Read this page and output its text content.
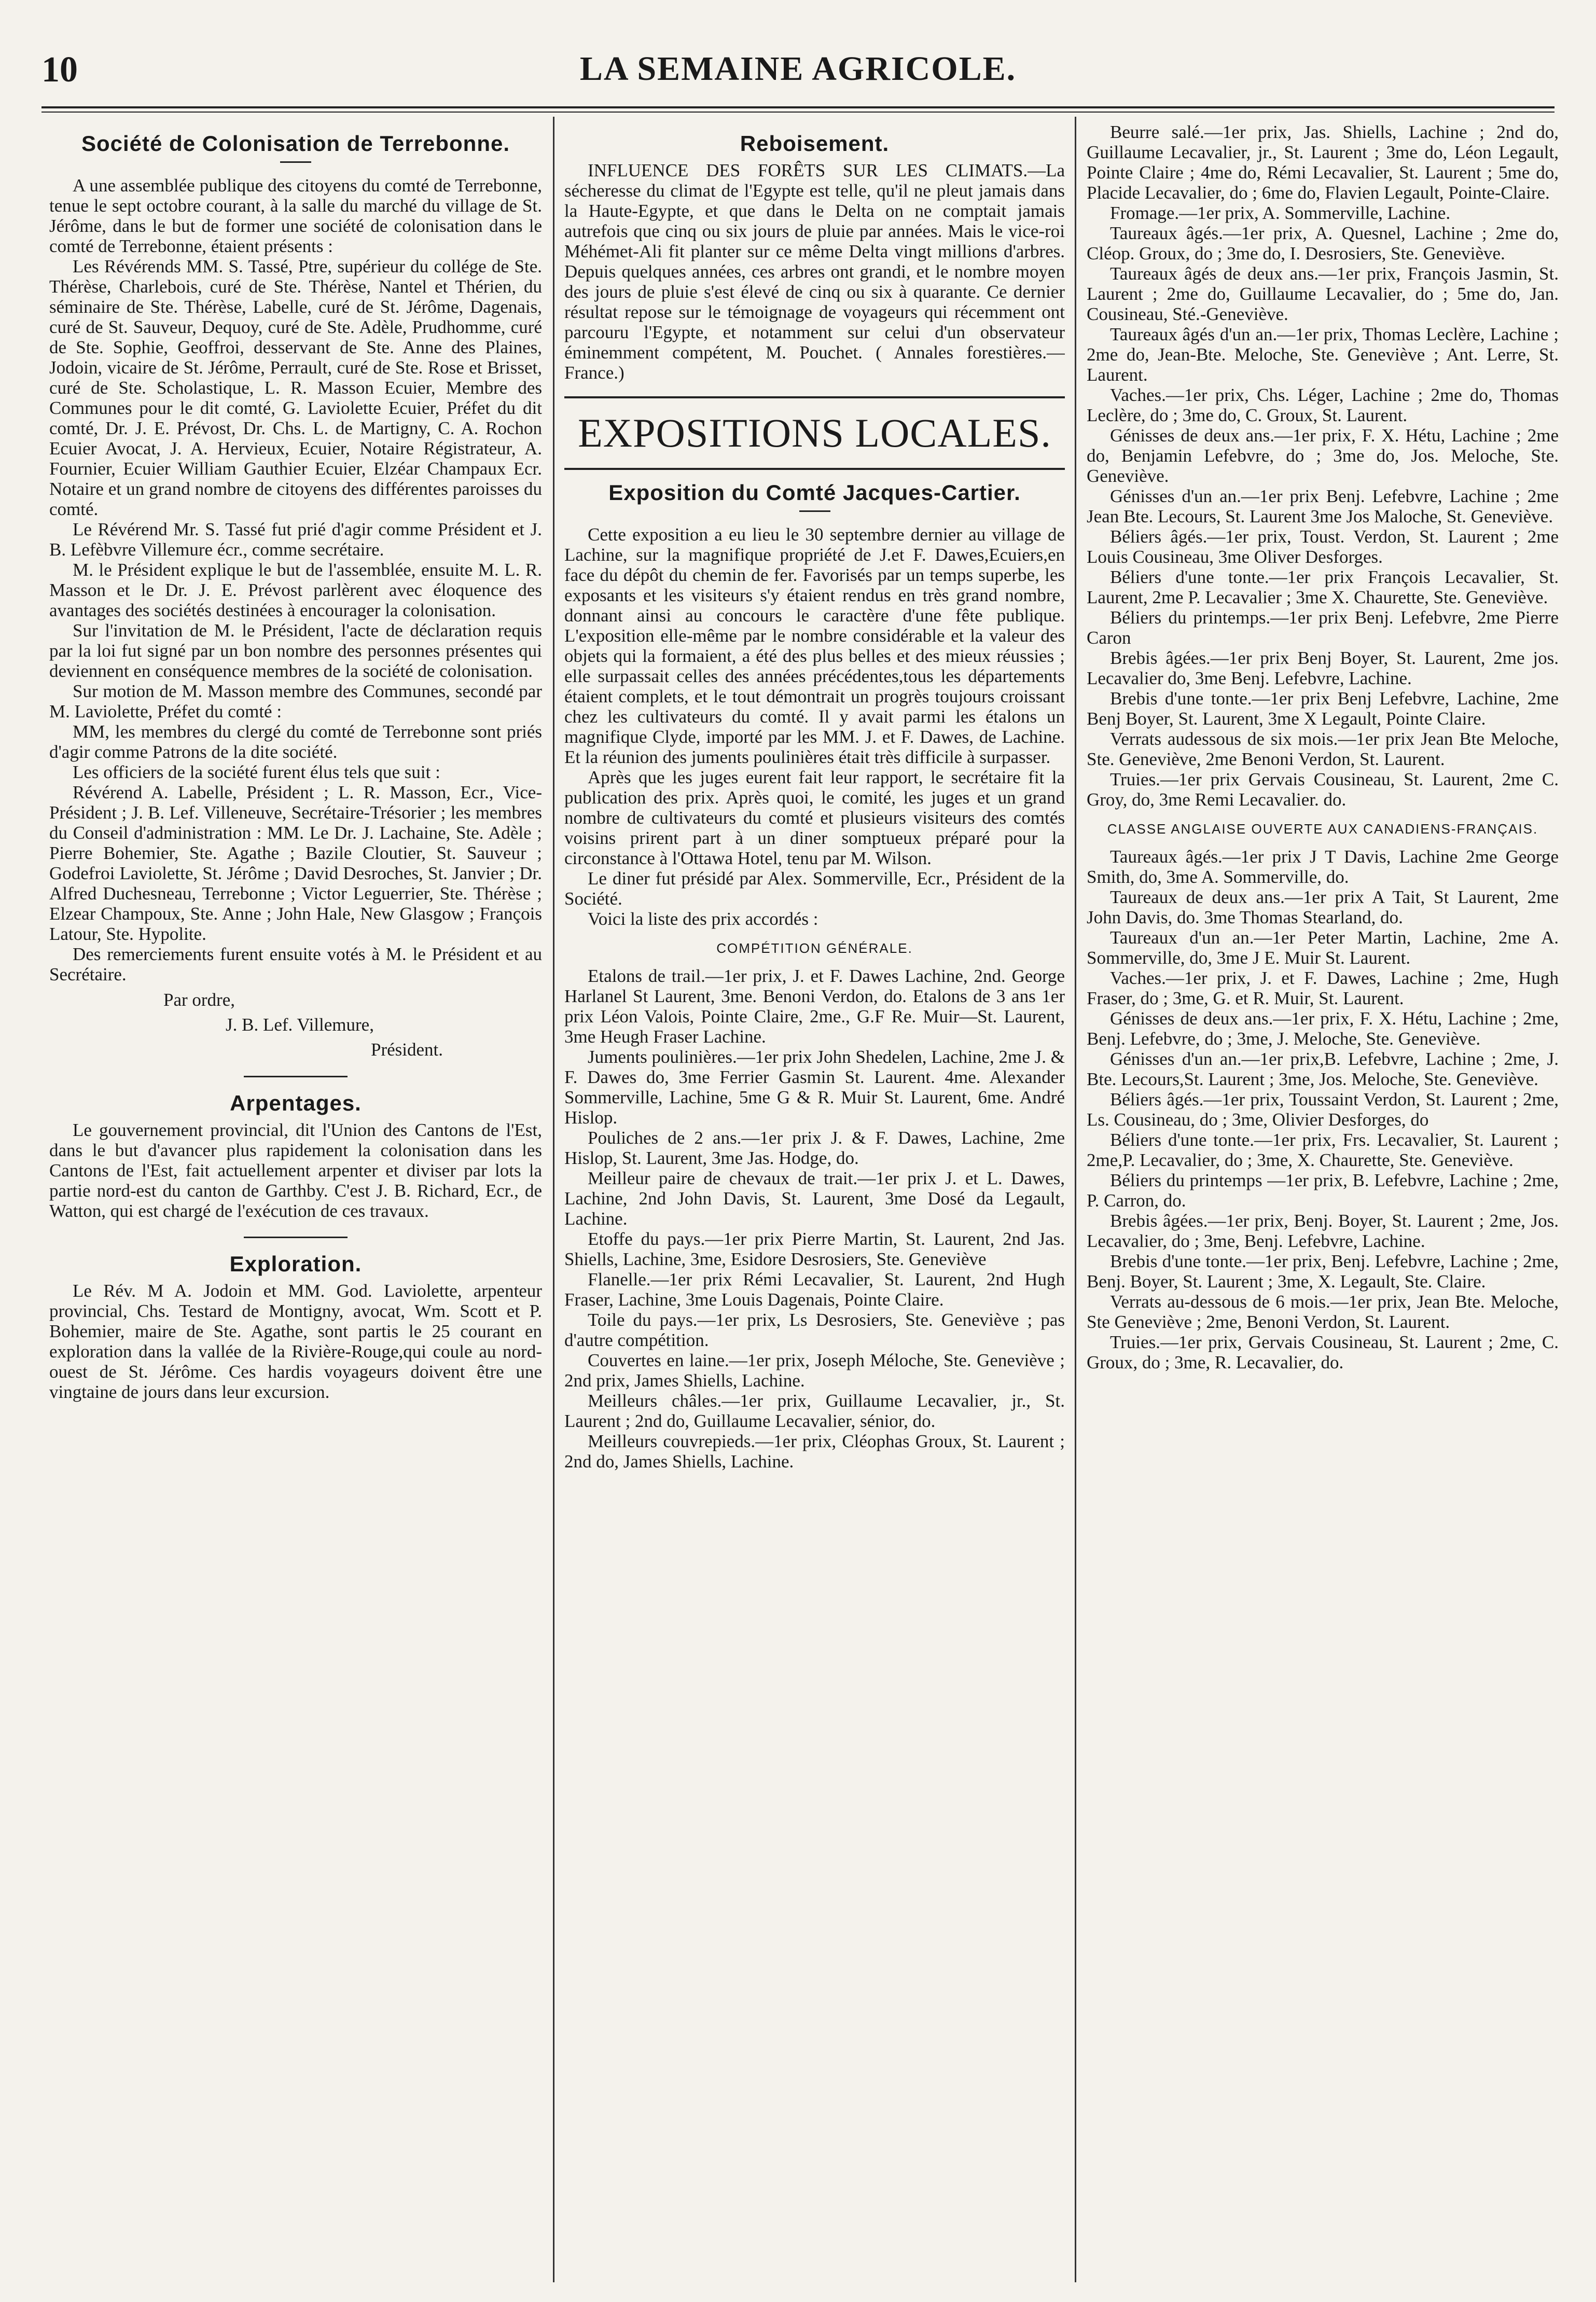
10	LA SEMAINE AGRICOLE.
Société de Colonisation de Terrebonne.

A une assemblée publique des citoyens du comté de Terrebonne, tenue le sept octobre courant, à la salle du marché du village de St. Jérôme, dans le but de former une société de colonisation dans le comté de Terrebonne, étaient présents :

Les Révérends MM. S. Tassé, Ptre, supérieur du collége de Ste. Thérèse, Charlebois, curé de Ste. Thérèse, Nantel et Thérien, du séminaire de Ste. Thérèse, Labelle, curé de St. Jérôme, Dagenais, curé de St. Sauveur, Dequoy, curé de Ste. Adèle, Prudhomme, curé de Ste. Sophie, Geoffroi, desservant de Ste. Anne des Plaines, Jodoin, vicaire de St. Jérôme, Perrault, curé de Ste. Rose et Brisset, curé de Ste. Scholastique, L. R. Masson Ecuier, Membre des Communes pour le dit comté, G. Laviolette Ecuier, Préfet du dit comté, Dr. J. E. Prévost, Dr. Chs. L. de Martigny, C. A. Rochon Ecuier Avocat, J. A. Hervieux, Ecuier, Notaire Régistrateur, A. Fournier, Ecuier William Gauthier Ecuier, Elzéar Champaux Ecr. Notaire et un grand nombre de citoyens des différentes paroisses du comté.

Le Révérend Mr. S. Tassé fut prié d'agir comme Président et J. B. Lefèbvre Villemure écr., comme secrétaire.

M. le Président explique le but de l'assemblée, ensuite M. L. R. Masson et le Dr. J. E. Prévost parlèrent avec éloquence des avantages des sociétés destinées à encourager la colonisation.

Sur l'invitation de M. le Président, l'acte de déclaration requis par la loi fut signé par un bon nombre des personnes présentes qui deviennent en conséquence membres de la société de colonisation.

Sur motion de M. Masson membre des Communes, secondé par M. Laviolette, Préfet du comté :

MM, les membres du clergé du comté de Terrebonne sont priés d'agir comme Patrons de la dite société.

Les officiers de la société furent élus tels que suit :

Révérend A. Labelle, Président ; L. R. Masson, Ecr., Vice-Président ; J. B. Lef. Villeneuve, Secrétaire-Trésorier ; les membres du Conseil d'administration : MM. Le Dr. J. Lachaine, Ste. Adèle ; Pierre Bohemier, Ste. Agathe ; Bazile Cloutier, St. Sauveur ; Godefroi Laviolette, St. Jérôme ; David Desroches, St. Janvier ; Dr. Alfred Duchesneau, Terrebonne ; Victor Leguerrier, Ste. Thérèse ; Elzear Champoux, Ste. Anne ; John Hale, New Glasgow ; François Latour, Ste. Hypolite.

Des remerciements furent ensuite votés à M. le Président et au Secrétaire.

Par ordre,
J. B. Lef. Villemure,
Président.
Arpentages.

Le gouvernement provincial, dit l'Union des Cantons de l'Est, dans le but d'avancer plus rapidement la colonisation dans les Cantons de l'Est, fait actuellement arpenter et diviser par lots la partie nord-est du canton de Garthby. C'est J. B. Richard, Ecr., de Watton, qui est chargé de l'exécution de ces travaux.

Exploration.

Le Rév. M A. Jodoin et MM. God. Laviolette, arpenteur provincial, Chs. Testard de Montigny, avocat, Wm. Scott et P. Bohemier, maire de Ste. Agathe, sont partis le 25 courant en exploration dans la vallée de la Rivière-Rouge,qui coule au nord-ouest de St. Jérôme. Ces hardis voyageurs doivent être une vingtaine de jours dans leur excursion.

Reboisement.

INFLUENCE DES FORÊTS SUR LES CLIMATS.—La sécheresse du climat de l'Egypte est telle, qu'il ne pleut jamais dans la Haute-Egypte, et que dans le Delta on ne comptait jamais autrefois que cinq ou six jours de pluie par années. Mais le vice-roi Méhémet-Ali fit planter sur ce même Delta vingt millions d'arbres. Depuis quelques années, ces arbres ont grandi, et le nombre moyen des jours de pluie s'est élevé de cinq ou six à quarante. Ce dernier résultat repose sur le témoignage de voyageurs qui récemment ont parcouru l'Egypte, et notamment sur celui d'un observateur éminemment compétent, M. Pouchet. ( Annales forestières.—France.)

EXPOSITIONS LOCALES.
Exposition du Comté Jacques-Cartier.

Cette exposition a eu lieu le 30 septembre dernier au village de Lachine, sur la magnifique propriété de J.et F. Dawes,Ecuiers,en face du dépôt du chemin de fer. Favorisés par un temps superbe, les exposants et les visiteurs s'y étaient rendus en très grand nombre, donnant ainsi au concours le caractère d'une fête publique. L'exposition elle-même par le nombre considérable et la valeur des objets qui la formaient, a été des plus belles et des mieux réussies ; elle surpassait celles des années précédentes,tous les départements étaient complets, et le tout démontrait un progrès toujours croissant chez les cultivateurs du comté. Il y avait parmi les étalons un magnifique Clyde, importé par les MM. J. et F. Dawes, de Lachine. Et la réunion des juments poulinières était très difficile à surpasser.

Après que les juges eurent fait leur rapport, le secrétaire fit la publication des prix. Après quoi, le comité, les juges et un grand nombre de cultivateurs du comté et plusieurs visiteurs des comtés voisins prirent part à un diner somptueux préparé pour la circonstance à l'Ottawa Hotel, tenu par M. Wilson.

Le diner fut présidé par Alex. Sommerville, Ecr., Président de la Société.

Voici la liste des prix accordés :

COMPÉTITION GÉNÉRALE.

Etalons de trail.—1er prix, J. et F. Dawes Lachine, 2nd. George Harlanel St Laurent, 3me. Benoni Verdon, do. Etalons de 3 ans 1er prix Léon Valois, Pointe Claire, 2me., G.F Re. Muir—St. Laurent, 3me Heugh Fraser Lachine.

Juments poulinières.—1er prix John Shedelen, Lachine, 2me J. & F. Dawes do, 3me Ferrier Gasmin St. Laurent. 4me. Alexander Sommerville, Lachine, 5me G & R. Muir St. Laurent, 6me. André Hislop.

Pouliches de 2 ans.—1er prix J. & F. Dawes, Lachine, 2me Hislop, St. Laurent, 3me Jas. Hodge, do.

Meilleur paire de chevaux de trait.—1er prix J. et L. Dawes, Lachine, 2nd John Davis, St. Laurent, 3me Dosé da Legault, Lachine.

Etoffe du pays.—1er prix Pierre Martin, St. Laurent, 2nd Jas. Shiells, Lachine, 3me, Esidore Desrosiers, Ste. Geneviève

Flanelle.—1er prix Rémi Lecavalier, St. Laurent, 2nd Hugh Fraser, Lachine, 3me Louis Dagenais, Pointe Claire.

Toile du pays.—1er prix, Ls Desrosiers, Ste. Geneviève ; pas d'autre compétition.

Couvertes en laine.—1er prix, Joseph Méloche, Ste. Geneviève ; 2nd prix, James Shiells, Lachine.

Meilleurs châles.—1er prix, Guillaume Lecavalier, jr., St. Laurent ; 2nd do, Guillaume Lecavalier, sénior, do.

Meilleurs couvrepieds.—1er prix, Cléophas Groux, St. Laurent ; 2nd do, James Shiells, Lachine.

Beurre salé.—1er prix, Jas. Shiells, Lachine ; 2nd do, Guillaume Lecavalier, jr., St. Laurent ; 3me do, Léon Legault, Pointe Claire ; 4me do, Rémi Lecavalier, St. Laurent ; 5me do, Placide Lecavalier, do ; 6me do, Flavien Legault, Pointe-Claire.

Fromage.—1er prix, A. Sommerville, Lachine.

Taureaux âgés.—1er prix, A. Quesnel, Lachine ; 2me do, Cléop. Groux, do ; 3me do, I. Desrosiers, Ste. Geneviève.

Taureaux âgés de deux ans.—1er prix, François Jasmin, St. Laurent ; 2me do, Guillaume Lecavalier, do ; 5me do, Jan. Cousineau, Sté.-Geneviève.

Taureaux âgés d'un an.—1er prix, Thomas Leclère, Lachine ; 2me do, Jean-Bte. Meloche, Ste. Geneviève ; Ant. Lerre, St. Laurent.

Vaches.—1er prix, Chs. Léger, Lachine ; 2me do, Thomas Leclère, do ; 3me do, C. Groux, St. Laurent.

Génisses de deux ans.—1er prix, F. X. Hétu, Lachine ; 2me do, Benjamin Lefebvre, do ; 3me do, Jos. Meloche, Ste. Geneviève.

Génisses d'un an.—1er prix Benj. Lefebvre, Lachine ; 2me Jean Bte. Lecours, St. Laurent 3me Jos Maloche, St. Geneviève.

Béliers âgés.—1er prix, Toust. Verdon, St. Laurent ; 2me Louis Cousineau, 3me Oliver Desforges.

Béliers d'une tonte.—1er prix François Lecavalier, St. Laurent, 2me P. Lecavalier ; 3me X. Chaurette, Ste. Geneviève.

Béliers du printemps.—1er prix Benj. Lefebvre, 2me Pierre Caron

Brebis âgées.—1er prix Benj Boyer, St. Laurent, 2me jos. Lecavalier do, 3me Benj. Lefebvre, Lachine.

Brebis d'une tonte.—1er prix Benj Lefebvre, Lachine, 2me Benj Boyer, St. Laurent, 3me X Legault, Pointe Claire.

Verrats audessous de six mois.—1er prix Jean Bte Meloche, Ste. Geneviève, 2me Benoni Verdon, St. Laurent.

Truies.—1er prix Gervais Cousineau, St. Laurent, 2me C. Groy, do, 3me Remi Lecavalier. do.

CLASSE ANGLAISE OUVERTE AUX CANADIENS-FRANÇAIS.

Taureaux âgés.—1er prix J T Davis, Lachine 2me George Smith, do, 3me A. Sommerville, do.

Taureaux de deux ans.—1er prix A Tait, St Laurent, 2me John Davis, do. 3me Thomas Stearland, do.

Taureaux d'un an.—1er Peter Martin, Lachine, 2me A. Sommerville, do, 3me J E. Muir St. Laurent.

Vaches.—1er prix, J. et F. Dawes, Lachine ; 2me, Hugh Fraser, do ; 3me, G. et R. Muir, St. Laurent.

Génisses de deux ans.—1er prix, F. X. Hétu, Lachine ; 2me, Benj. Lefebvre, do ; 3me, J. Meloche, Ste. Geneviève.

Génisses d'un an.—1er prix,B. Lefebvre, Lachine ; 2me, J. Bte. Lecours,St. Laurent ; 3me, Jos. Meloche, Ste. Geneviève.

Béliers âgés.—1er prix, Toussaint Verdon, St. Laurent ; 2me, Ls. Cousineau, do ; 3me, Olivier Desforges, do

Béliers d'une tonte.—1er prix, Frs. Lecavalier, St. Laurent ; 2me,P. Lecavalier, do ; 3me, X. Chaurette, Ste. Geneviève.

Béliers du printemps —1er prix, B. Lefebvre, Lachine ; 2me, P. Carron, do.

Brebis âgées.—1er prix, Benj. Boyer, St. Laurent ; 2me, Jos. Lecavalier, do ; 3me, Benj. Lefebvre, Lachine.

Brebis d'une tonte.—1er prix, Benj. Lefebvre, Lachine ; 2me, Benj. Boyer, St. Laurent ; 3me, X. Legault, Ste. Claire.

Verrats au-dessous de 6 mois.—1er prix, Jean Bte. Meloche, Ste Geneviève ; 2me, Benoni Verdon, St. Laurent.

Truies.—1er prix, Gervais Cousineau, St. Laurent ; 2me, C. Groux, do ; 3me, R. Lecavalier, do.
